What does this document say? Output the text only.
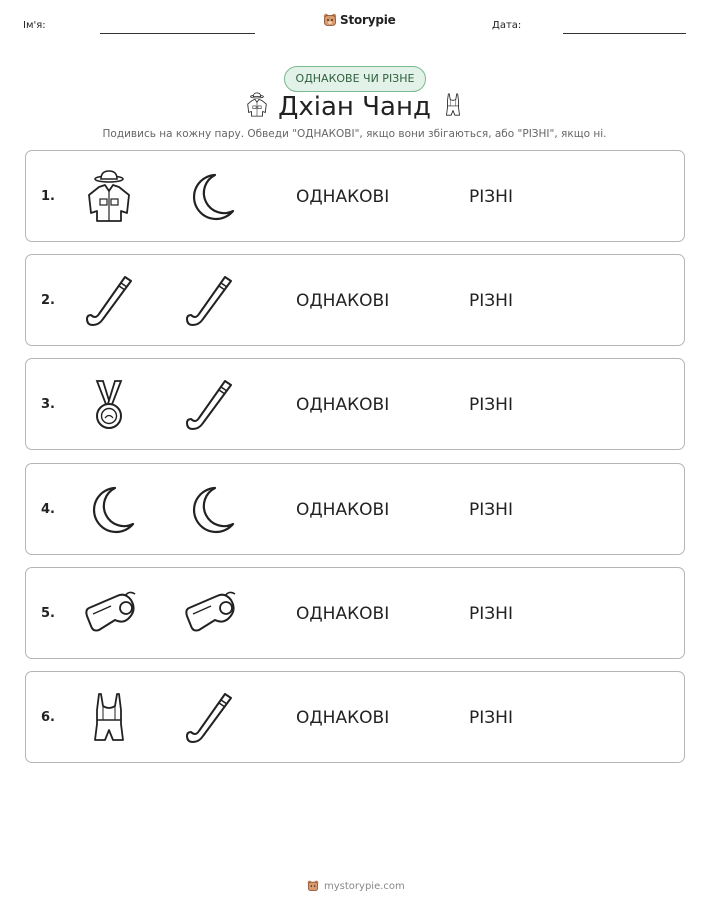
Ім'я:	Storypie	Дата:
ОДНАКОВЕ ЧИ РІЗНЕ
Дхіан Чанд
Подивись на кожну пару. Обведи "ОДНАКОВІ", якщо вони збігаються, або "РІЗНІ", якщо ні.
1.	ОДНАКОВІ	РІЗНІ
2.	ОДНАКОВІ	РІЗНІ
3.	ОДНАКОВІ	РІЗНІ
4.	ОДНАКОВІ	РІЗНІ
5.	ОДНАКОВІ	РІЗНІ
6.	ОДНАКОВІ	РІЗНІ
mystorypie.com
